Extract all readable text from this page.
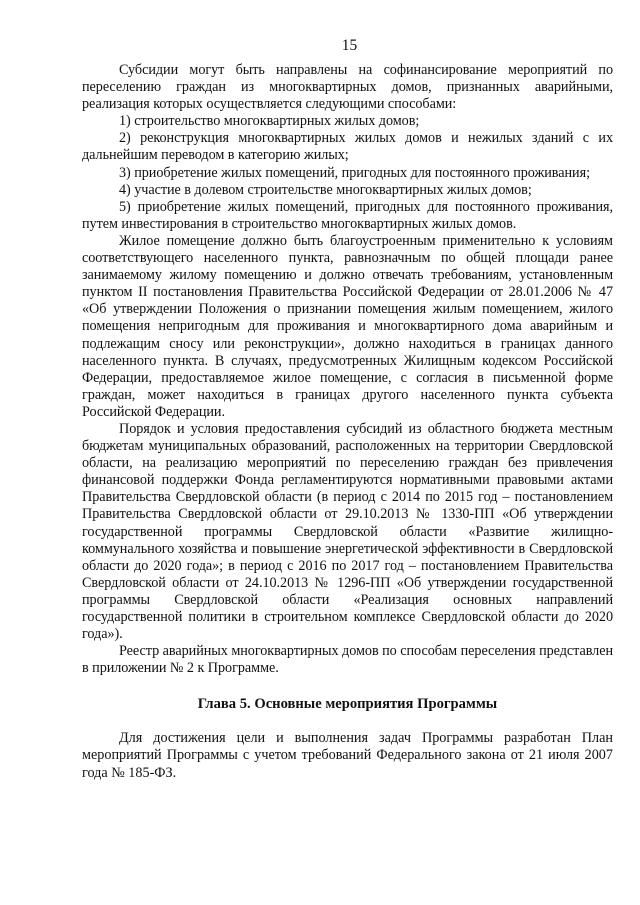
15

Субсидии могут быть направлены на софинансирование мероприятий по переселению граждан из многоквартирных домов, признанных аварийными, реализация которых осуществляется следующими способами:

1) строительство многоквартирных жилых домов;

2) реконструкция многоквартирных жилых домов и нежилых зданий с их дальнейшим переводом в категорию жилых;

3) приобретение жилых помещений, пригодных для постоянного проживания;

4) участие в долевом строительстве многоквартирных жилых домов;

5) приобретение жилых помещений, пригодных для постоянного проживания, путем инвестирования в строительство многоквартирных жилых домов.

Жилое помещение должно быть благоустроенным применительно к условиям соответствующего населенного пункта, равнозначным по общей площади ранее занимаемому жилому помещению и должно отвечать требованиям, установленным пунктом II постановления Правительства Российской Федерации от 28.01.2006 № 47 «Об утверждении Положения о признании помещения жилым помещением, жилого помещения непригодным для проживания и многоквартирного дома аварийным и подлежащим сносу или реконструкции», должно находиться в границах данного населенного пункта. В случаях, предусмотренных Жилищным кодексом Российской Федерации, предоставляемое жилое помещение, с согласия в письменной форме граждан, может находиться в границах другого населенного пункта субъекта Российской Федерации.

Порядок и условия предоставления субсидий из областного бюджета местным бюджетам муниципальных образований, расположенных на территории Свердловской области, на реализацию мероприятий по переселению граждан без привлечения финансовой поддержки Фонда регламентируются нормативными правовыми актами Правительства Свердловской области (в период с 2014 по 2015 год – постановлением Правительства Свердловской области от 29.10.2013 № 1330-ПП «Об утверждении государственной программы Свердловской области «Развитие жилищно-коммунального хозяйства и повышение энергетической эффективности в Свердловской области до 2020 года»; в период с 2016 по 2017 год – постановлением Правительства Свердловской области от 24.10.2013 № 1296-ПП «Об утверждении государственной программы Свердловской области «Реализация основных направлений государственной политики в строительном комплексе Свердловской области до 2020 года»).

Реестр аварийных многоквартирных домов по способам переселения представлен в приложении № 2 к Программе.

Глава 5. Основные мероприятия Программы

Для достижения цели и выполнения задач Программы разработан План мероприятий Программы с учетом требований Федерального закона от 21 июля 2007 года № 185-ФЗ.
